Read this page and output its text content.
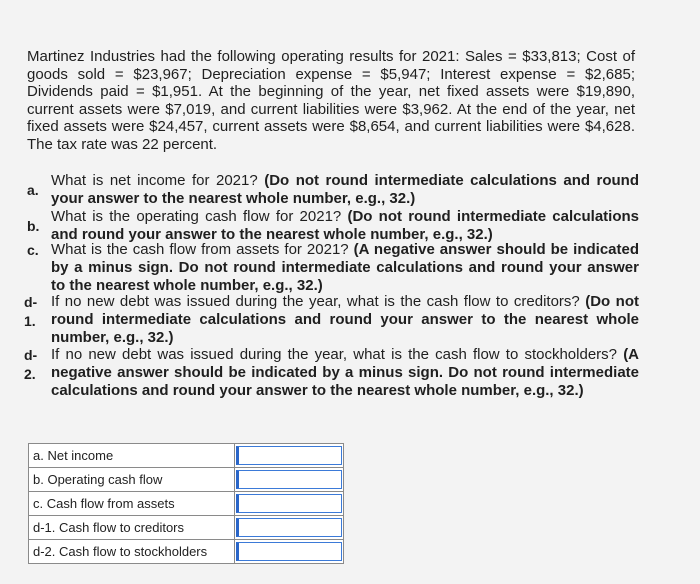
Martinez Industries had the following operating results for 2021: Sales = $33,813; Cost of goods sold = $23,967; Depreciation expense = $5,947; Interest expense = $2,685; Dividends paid = $1,951. At the beginning of the year, net fixed assets were $19,890, current assets were $7,019, and current liabilities were $3,962. At the end of the year, net fixed assets were $24,457, current assets were $8,654, and current liabilities were $4,628. The tax rate was 22 percent.

a.
What is net income for 2021? (Do not round intermediate calculations and round your answer to the nearest whole number, e.g., 32.)
b.
What is the operating cash flow for 2021? (Do not round intermediate calculations and round your answer to the nearest whole number, e.g., 32.)
c. What is the cash flow from assets for 2021? (A negative answer should be indicated by a minus sign. Do not round intermediate calculations and round your answer to the nearest whole number, e.g., 32.)
d-
1.
If no new debt was issued during the year, what is the cash flow to creditors? (Do not round intermediate calculations and round your answer to the nearest whole number, e.g., 32.)
d-
2.
If no new debt was issued during the year, what is the cash flow to stockholders? (A negative answer should be indicated by a minus sign. Do not round intermediate calculations and round your answer to the nearest whole number, e.g., 32.)
a. Net income	

b. Operating cash flow	

c. Cash flow from assets	

d-1. Cash flow to creditors	

d-2. Cash flow to stockholders	
